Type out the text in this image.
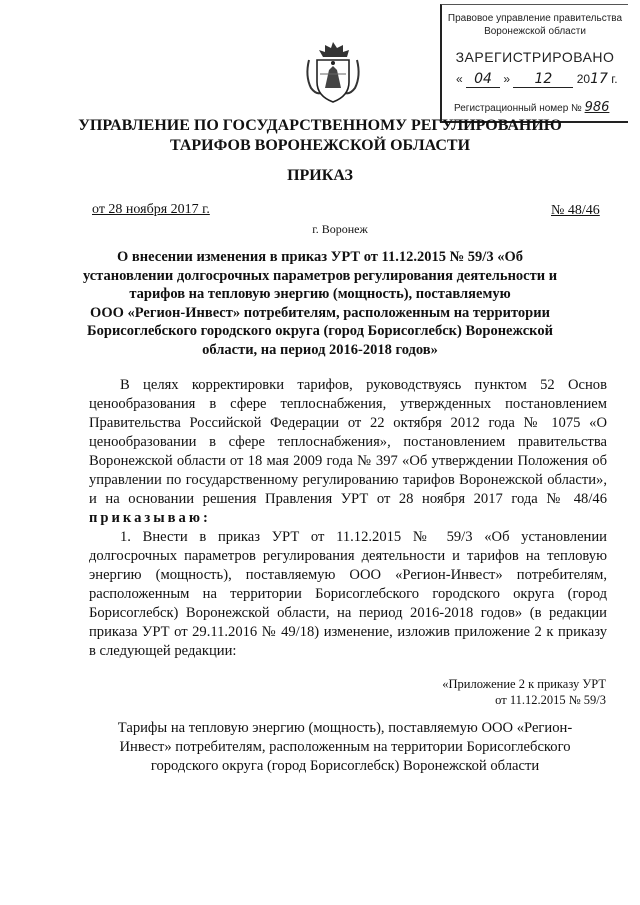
Правовое управление правительства
Воронежской области
ЗАРЕГИСТРИРОВАНО
« 04 » 12 2017 г.
Регистрационный номер № 986
УПРАВЛЕНИЕ ПО ГОСУДАРСТВЕННОМУ РЕГУЛИРОВАНИЮ
ТАРИФОВ ВОРОНЕЖСКОЙ ОБЛАСТИ
ПРИКАЗ
от 28 ноября 2017 г.	№ 48/46
г. Воронеж
О внесении изменения в приказ УРТ от 11.12.2015 № 59/3 «Об
установлении долгосрочных параметров регулирования деятельности и
тарифов на тепловую энергию (мощность), поставляемую
ООО «Регион-Инвест» потребителям, расположенным на территории
Борисоглебского городского округа (город Борисоглебск) Воронежской
области, на период 2016-2018 годов»
В целях корректировки тарифов, руководствуясь пунктом 52 Основ ценообразования в сфере теплоснабжения, утвержденных постановлением Правительства Российской Федерации от 22 октября 2012 года № 1075 «О ценообразовании в сфере теплоснабжения», постановлением правительства Воронежской области от 18 мая 2009 года № 397 «Об утверждении Положения об управлении по государственному регулированию тарифов Воронежской области», и на основании решения Правления УРТ от 28 ноября 2017 года № 48/46 приказываю:
1. Внести в приказ УРТ от 11.12.2015 № 59/3 «Об установлении долгосрочных параметров регулирования деятельности и тарифов на тепловую энергию (мощность), поставляемую ООО «Регион-Инвест» потребителям, расположенным на территории Борисоглебского городского округа (город Борисоглебск) Воронежской области, на период 2016-2018 годов» (в редакции приказа УРТ от 29.11.2016 № 49/18) изменение, изложив приложение 2 к приказу в следующей редакции:
«Приложение 2 к приказу УРТ
от 11.12.2015 № 59/3
Тарифы на тепловую энергию (мощность), поставляемую ООО «Регион-
Инвест» потребителям, расположенным на территории Борисоглебского
городского округа (город Борисоглебск) Воронежской области
